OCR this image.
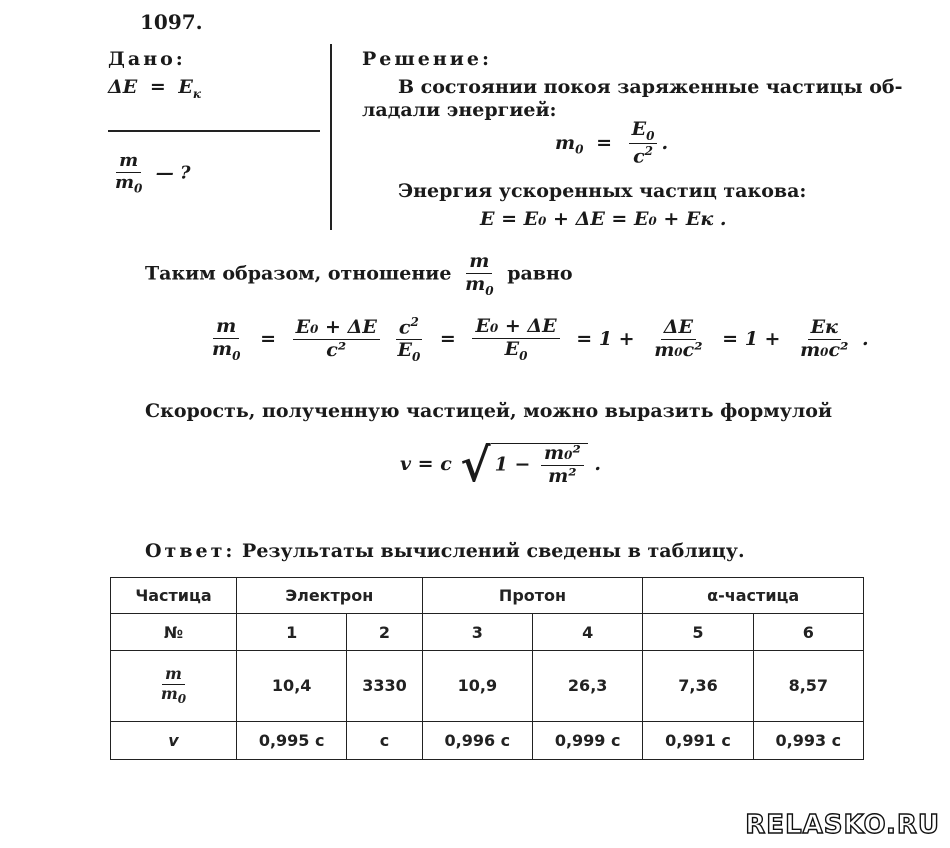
1097.
Дано:
$\Delta E = E_к$
$\frac{m}{m_0}$ — ?
Решение:
В состоянии покоя заряженные частицы об-
ладали энергией:
$m_0 = \frac{E_0}{c^2}$ .
Энергия ускоренных частиц такова:
E = E₀ + ΔE = E₀ + Eк .
Таким образом, отношение $\frac{m}{m_0}$ равно
$\frac{m}{m_0} = \frac{\text{E₀ + ΔE}}{\text{c²}}$
$\frac{c^2}{E_0} = \frac{\text{E₀ + ΔE}}{E_0} = 1 + \frac{\Delta E}{\text{m₀c²}} = 1 + \frac{Eк}{\text{m₀c²}}$ .
Скорость, полученную частицей, можно выразить формулой
v = c √ $1 - \frac{\text{m₀²}}{\text{m²}}$ .
Ответ: Результаты вычислений сведены в таблицу.
Частица	Электрон		Протон		α-частица	
№	1	2	3	4	5	6

$\frac{m}{m_0}$	10,4	3330	10,9	26,3	7,36	8,57
v	0,995 c	c	0,996 c	0,999 c	0,991 c	0,993 c
RELASKO.RU
